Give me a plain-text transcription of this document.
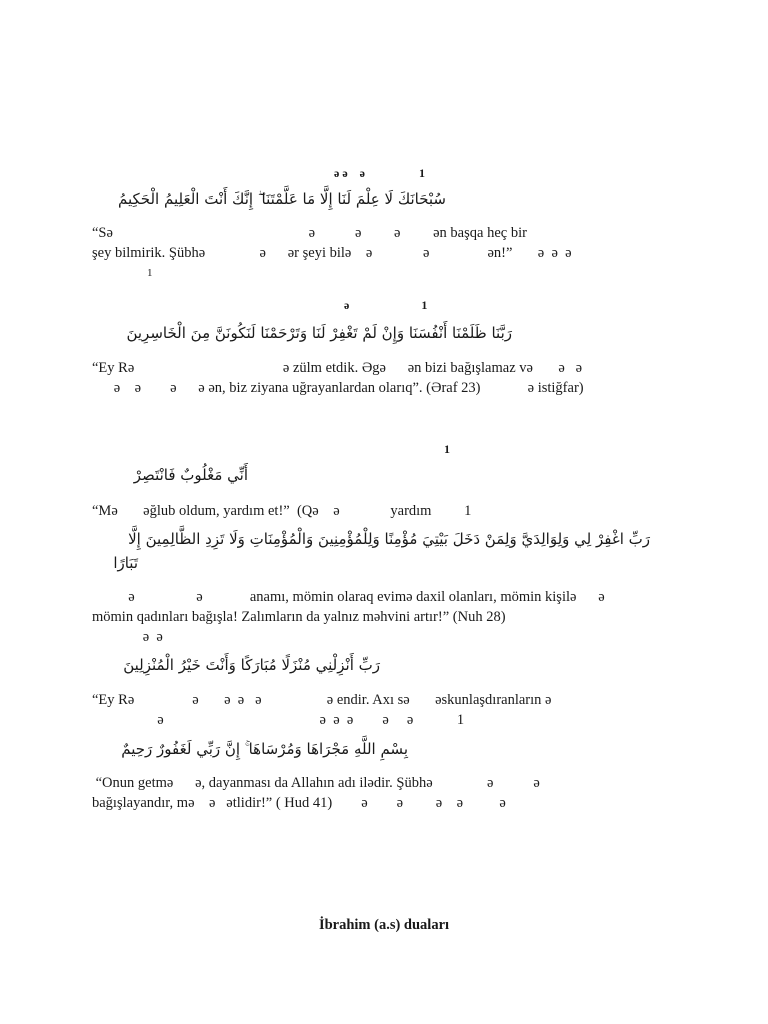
ə ə    ə                  1
سُبْحَانَكَ لَا عِلْمَ لَنَا إِلَّا مَا عَلَّمْتَنَا ۖ إِنَّكَ أَنْتَ الْعَلِيمُ الْحَكِيمُ
“Sə                                                      ə           ə         ə         ən başqa heç bir
şey bilmirik. Şübhə               ə      ər şeyi bilə    ə              ə                ən!”       ə  ə  ə
1
ə                        1
رَبَّنَا ظَلَمْنَا أَنْفُسَنَا وَإِنْ لَمْ تَغْفِرْ لَنَا وَتَرْحَمْنَا لَنَكُونَنَّ مِنَ الْخَاسِرِينَ
“Ey Rə                                         ə zülm etdik. Əgə      ən bizi bağışlamaz və       ə   ə
ə    ə        ə      ə ən, biz ziyana uğrayanlardan olarıq”. (Əraf 23)             ə istiğfar)
1
أَنِّي مَغْلُوبٌ فَانْتَصِرْ
“Mə       əğlub oldum, yardım et!”  (Qə    ə              yardım         1
رَبِّ اغْفِرْ لِي وَلِوَالِدَيَّ وَلِمَنْ دَخَلَ بَيْتِيَ مُؤْمِنًا وَلِلْمُؤْمِنِينَ وَالْمُؤْمِنَاتِ وَلَا تَزِدِ الظَّالِمِينَ إِلَّا
تَبَارًا
ə                 ə             anamı, mömin olaraq evimə daxil olanları, mömin kişilə      ə
mömin qadınları bağışla! Zalımların da yalnız məhvini artır!” (Nuh 28)
ə  ə
رَبِّ أَنْزِلْنِي مُنْزَلًا مُبَارَكًا وَأَنْتَ خَيْرُ الْمُنْزِلِينَ
“Ey Rə                ə       ə  ə   ə                  ə endir. Axı sə       əskunlaşdıranların ə
ə                                           ə  ə  ə        ə     ə            1
بِسْمِ اللَّهِ مَجْرَاهَا وَمُرْسَاهَا ۚ إِنَّ رَبِّي لَغَفُورٌ رَحِيمٌ
“Onun getmə      ə, dayanması da Allahın adı ilədir. Şübhə               ə           ə
bağışlayandır, mə    ə   ətlidir!” ( Hud 41)        ə        ə         ə    ə          ə
İbrahim (a.s) duaları
